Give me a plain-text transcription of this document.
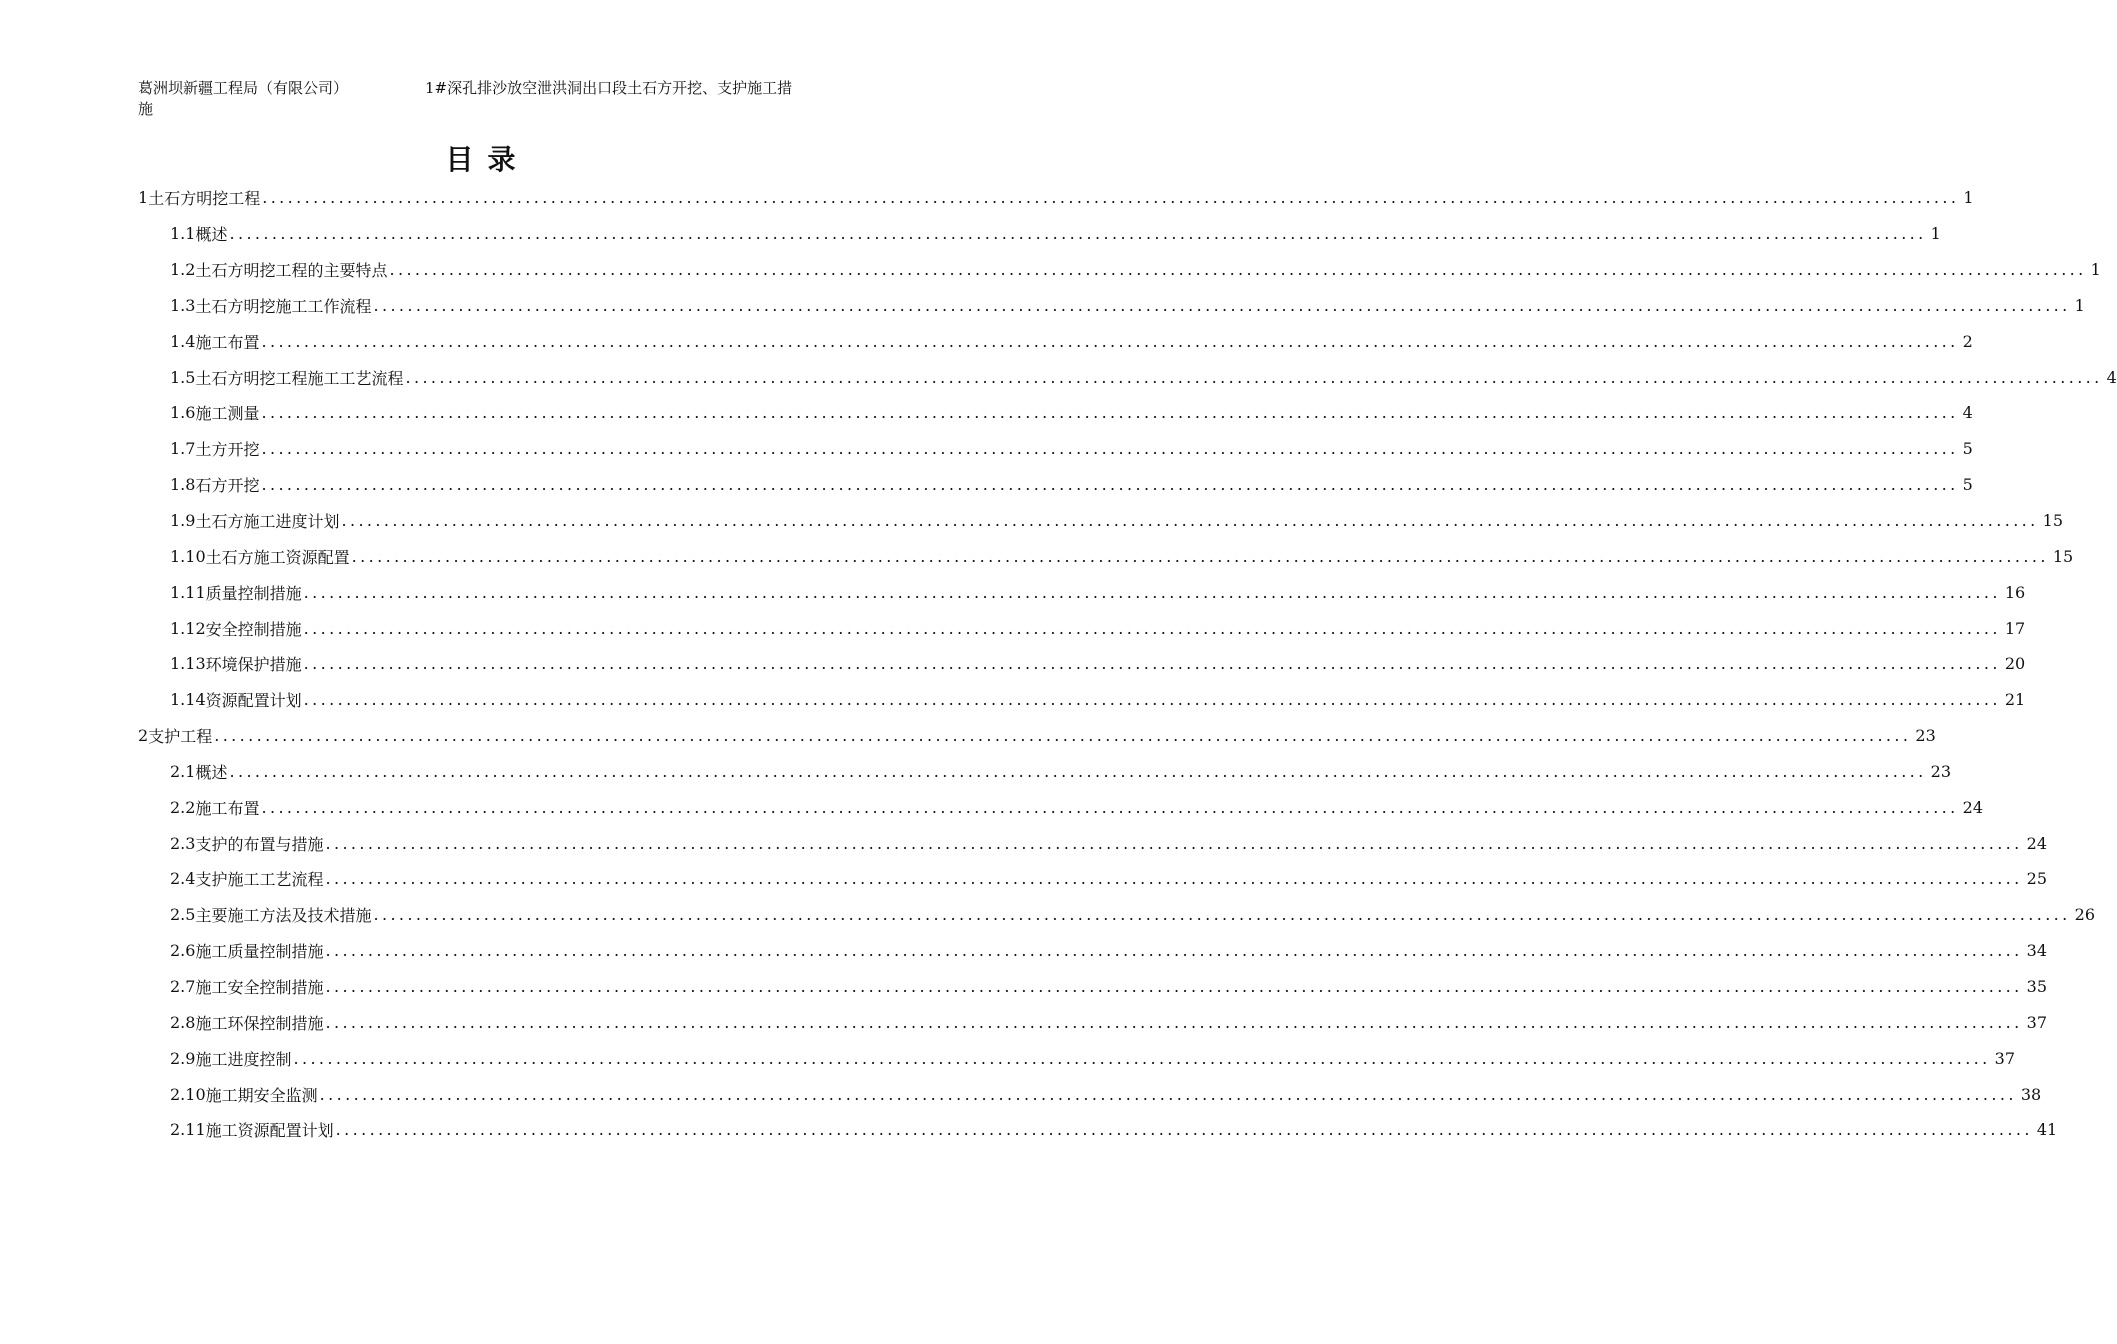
葛洲坝新疆工程局（有限公司）	1#深孔排沙放空泄洪洞出口段土石方开挖、支护施工措
施
目录
1 土石方明挖工程 ........................................................................................................................................................................................................ 1
1.1 概述 ........................................................................................................................................................................................................ 1
1.2 土石方明挖工程的主要特点 ........................................................................................................................................................................................................ 1
1.3 土石方明挖施工工作流程 ........................................................................................................................................................................................................ 1
1.4 施工布置 ........................................................................................................................................................................................................ 2
1.5 土石方明挖工程施工工艺流程 ........................................................................................................................................................................................................ 4
1.6 施工测量 ........................................................................................................................................................................................................ 4
1.7 土方开挖 ........................................................................................................................................................................................................ 5
1.8 石方开挖 ........................................................................................................................................................................................................ 5
1.9 土石方施工进度计划 ........................................................................................................................................................................................................ 15
1.10 土石方施工资源配置 ........................................................................................................................................................................................................ 15
1.11 质量控制措施 ........................................................................................................................................................................................................ 16
1.12 安全控制措施 ........................................................................................................................................................................................................ 17
1.13 环境保护措施 ........................................................................................................................................................................................................ 20
1.14 资源配置计划 ........................................................................................................................................................................................................ 21
2 支护工程 ........................................................................................................................................................................................................ 23
2.1 概述 ........................................................................................................................................................................................................ 23
2.2 施工布置 ........................................................................................................................................................................................................ 24
2.3 支护的布置与措施 ........................................................................................................................................................................................................ 24
2.4 支护施工工艺流程 ........................................................................................................................................................................................................ 25
2.5 主要施工方法及技术措施 ........................................................................................................................................................................................................ 26
2.6 施工质量控制措施 ........................................................................................................................................................................................................ 34
2.7 施工安全控制措施 ........................................................................................................................................................................................................ 35
2.8 施工环保控制措施 ........................................................................................................................................................................................................ 37
2.9 施工进度控制 ........................................................................................................................................................................................................ 37
2.10 施工期安全监测 ........................................................................................................................................................................................................ 38
2.11 施工资源配置计划 ........................................................................................................................................................................................................ 41
